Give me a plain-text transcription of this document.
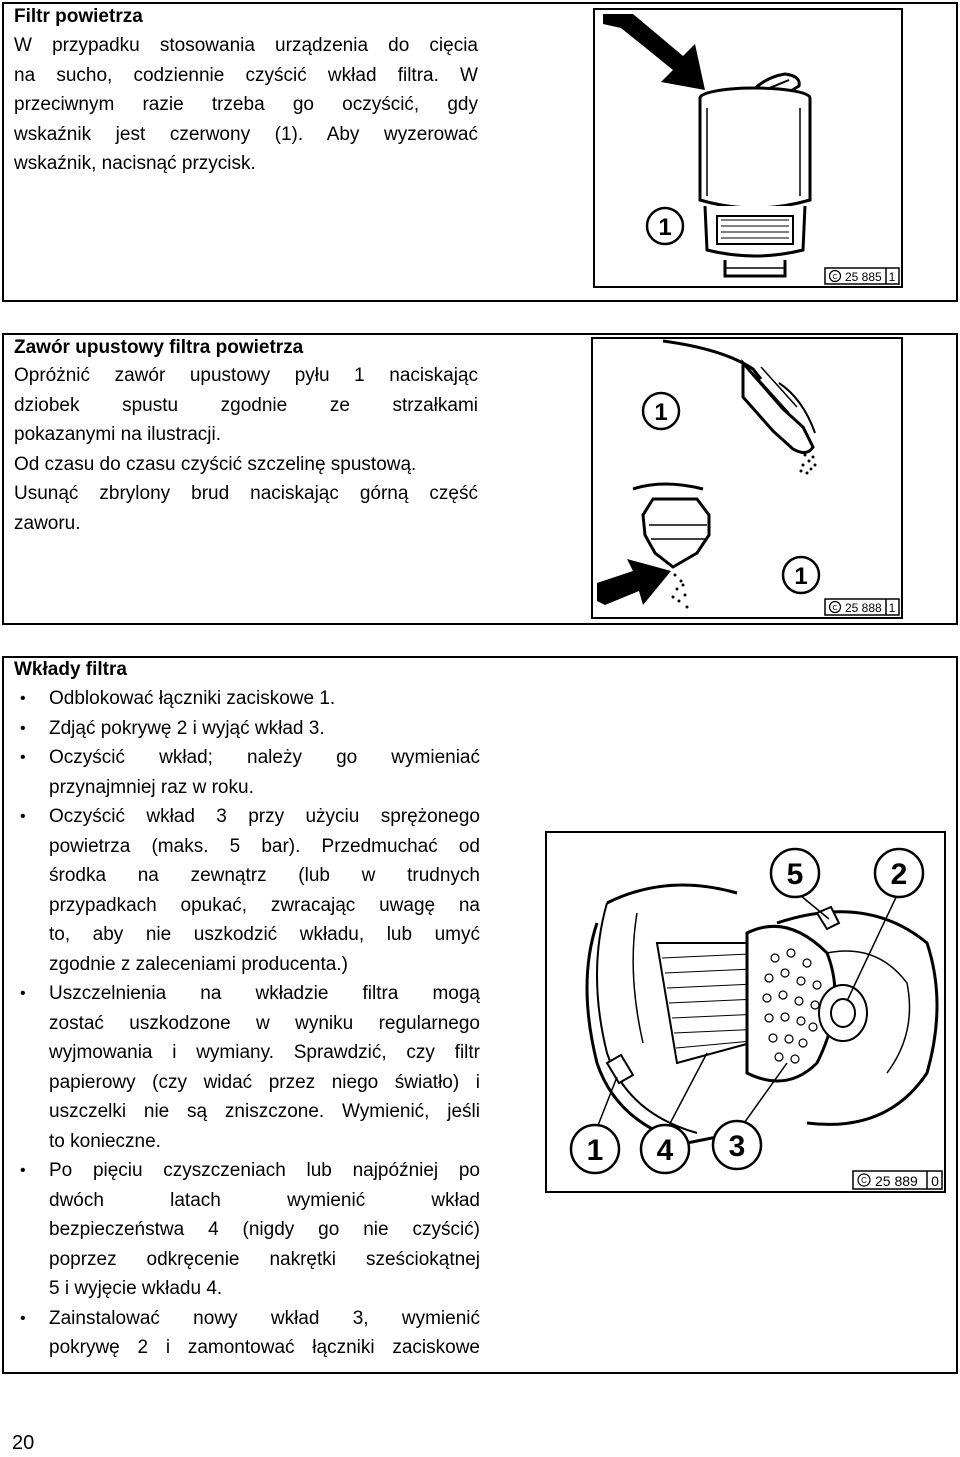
Filtr powietrza

W przypadku stosowania urządzenia do cięcia

na sucho, codziennie czyścić wkład filtra. W

przeciwnym razie trzeba go oczyścić, gdy

wskaźnik jest czerwony (1). Aby wyzerować

wskaźnik, nacisnąć przycisk.

1
C 25 885 1
Zawór upustowy filtra powietrza

Opróżnić zawór upustowy pyłu 1 naciskając

dziobek spustu zgodnie ze strzałkami

pokazanymi na ilustracji.

Od czasu do czasu czyścić szczelinę spustową.

Usunąć zbrylony brud naciskając górną część

zaworu.

1
1
C 25 888 1
Wkłady filtra
• Odblokować łączniki zaciskowe 1.
• Zdjąć pokrywę 2 i wyjąć wkład 3.
• Oczyścić wkład; należy go wymieniać
przynajmniej raz w roku.
• Oczyścić wkład 3 przy użyciu sprężonego
powietrza (maks. 5 bar). Przedmuchać od
środka na zewnątrz (lub w trudnych
przypadkach opukać, zwracając uwagę na
to, aby nie uszkodzić wkładu, lub umyć
zgodnie z zaleceniami producenta.)
• Uszczelnienia na wkładzie filtra mogą
zostać uszkodzone w wyniku regularnego
wyjmowania i wymiany. Sprawdzić, czy filtr
papierowy (czy widać przez niego światło) i
uszczelki nie są zniszczone. Wymienić, jeśli
to konieczne.
• Po pięciu czyszczeniach lub najpóźniej po
dwóch latach wymienić wkład
bezpieczeństwa 4 (nigdy go nie czyścić)
poprzez odkręcenie nakrętki sześciokątnej
5 i wyjęcie wkładu 4.
• Zainstalować nowy wkład 3, wymienić
pokrywę 2 i zamontować łączniki zaciskowe
5	2
1 4 3
C 25 889 0
20
